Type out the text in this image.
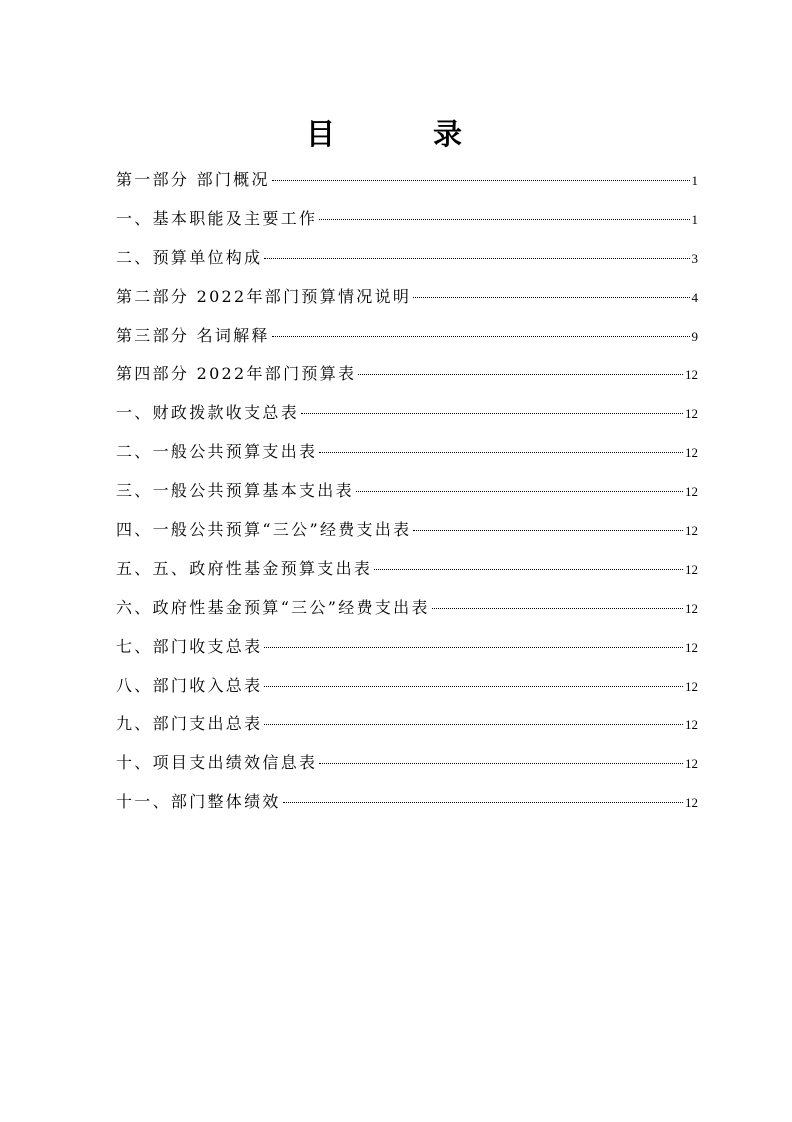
目 录
第一部分 部门概况	1
一、基本职能及主要工作	1
二、预算单位构成	3
第二部分 2022年部门预算情况说明	4
第三部分 名词解释	9
第四部分 2022年部门预算表	12
一、财政拨款收支总表	12
二、一般公共预算支出表	12
三、一般公共预算基本支出表	12
四、一般公共预算“三公”经费支出表	12
五、五、政府性基金预算支出表	12
六、政府性基金预算“三公”经费支出表	12
七、部门收支总表	12
八、部门收入总表	12
九、部门支出总表	12
十、项目支出绩效信息表	12
十一、部门整体绩效	12
